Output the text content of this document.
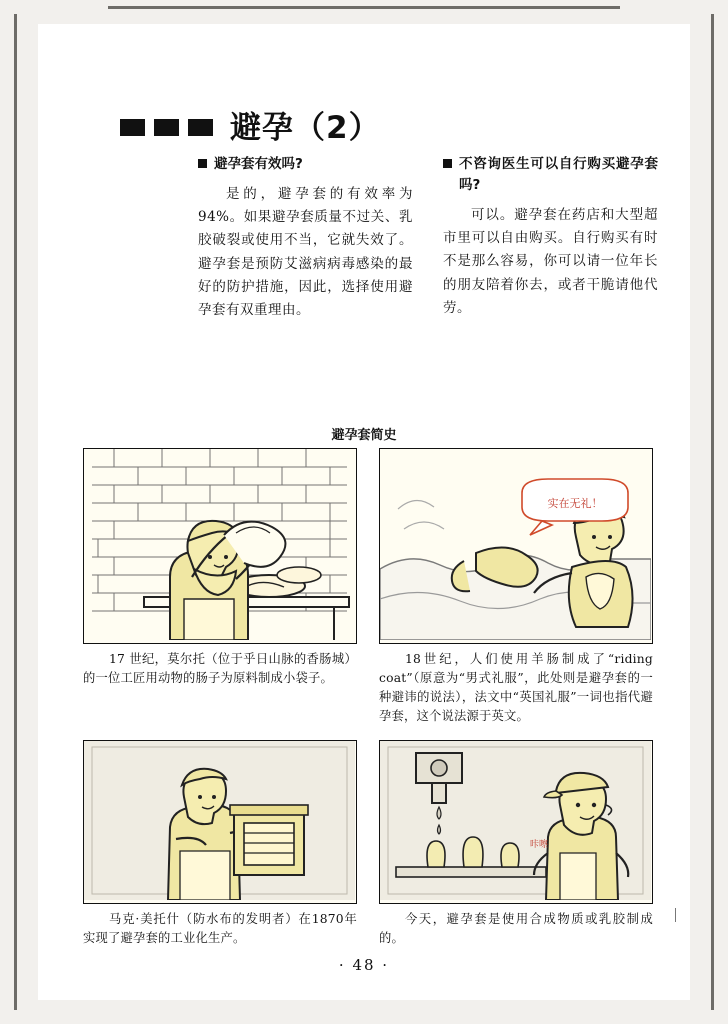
避孕（2）
避孕套有效吗?
是的，避孕套的有效率为 94%。如果避孕套质量不过关、乳胶破裂或使用不当，它就失效了。避孕套是预防艾滋病病毒感染的最好的防护措施，因此，选择使用避孕套有双重理由。
不咨询医生可以自行购买避孕套吗?
可以。避孕套在药店和大型超市里可以自由购买。自行购买有时不是那么容易，你可以请一位年长的朋友陪着你去，或者干脆请他代劳。
避孕套简史
17 世纪，莫尔托（位于乎日山脉的香肠城）的一位工匠用动物的肠子为原料制成小袋子。
实在无礼！
18世纪，人们使用羊肠制成了“riding coat”（原意为“男式礼服”，此处则是避孕套的一种避讳的说法），法文中“英国礼服”一词也指代避孕套，这个说法源于英文。
马克·美托什（防水布的发明者）在1870年实现了避孕套的工业化生产。
咔嚓
今天，避孕套是使用合成物质或乳胶制成的。
· 48 ·
